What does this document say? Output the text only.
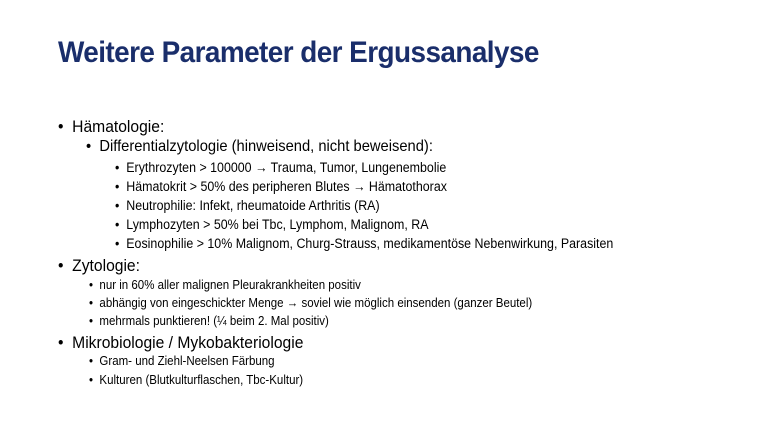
Weitere Parameter der Ergussanalyse
• Hämatologie:
• Differentialzytologie (hinweisend, nicht beweisend):
• Erythrozyten > 100000 → Trauma, Tumor, Lungenembolie
• Hämatokrit > 50% des peripheren Blutes → Hämatothorax
• Neutrophilie: Infekt, rheumatoide Arthritis (RA)
• Lymphozyten > 50% bei Tbc, Lymphom, Malignom, RA
• Eosinophilie > 10% Malignom, Churg-Strauss, medikamentöse Nebenwirkung, Parasiten
• Zytologie:
• nur in 60% aller malignen Pleurakrankheiten positiv
• abhängig von eingeschickter Menge → soviel wie möglich einsenden (ganzer Beutel)
• mehrmals punktieren! (¼ beim 2. Mal positiv)
• Mikrobiologie / Mykobakteriologie
• Gram- und Ziehl-Neelsen Färbung
• Kulturen (Blutkulturflaschen, Tbc-Kultur)
